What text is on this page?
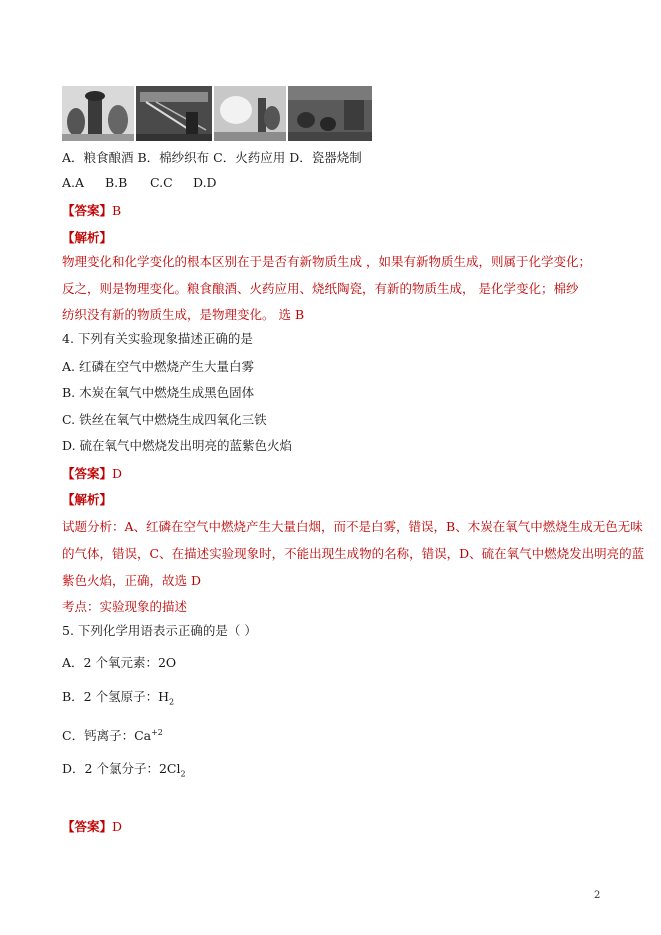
A．粮食酿酒 B．棉纱织布 C．火药应用 D．瓷器烧制
A.A B.B C.C D.D
【答案】B
【解析】
物理变化和化学变化的根本区别在于是否有新物质生成 ，如果有新物质生成，则属于化学变化；
反之，则是物理变化。粮食酿酒、火药应用、烧纸陶瓷，有新的物质生成， 是化学变化；棉纱
纺织没有新的物质生成，是物理变化。 选 B
4. 下列有关实验现象描述正确的是
A. 红磷在空气中燃烧产生大量白雾
B. 木炭在氧气中燃烧生成黑色固体
C. 铁丝在氧气中燃烧生成四氧化三铁
D. 硫在氧气中燃烧发出明亮的蓝紫色火焰
【答案】D
【解析】
试题分析：A、红磷在空气中燃烧产生大量白烟，而不是白雾，错误，B、木炭在氧气中燃烧生成无色无味
的气体，错误，C、在描述实验现象时，不能出现生成物的名称，错误，D、硫在氧气中燃烧发出明亮的蓝
紫色火焰，正确，故选 D
考点：实验现象的描述
5. 下列化学用语表示正确的是（ ）
A．2 个氧元素：2O
B．2 个氢原子：$H_2$
C．钙离子：$Ca^{+2}$
D．2 个氯分子：$2Cl_2$
【答案】D
2
